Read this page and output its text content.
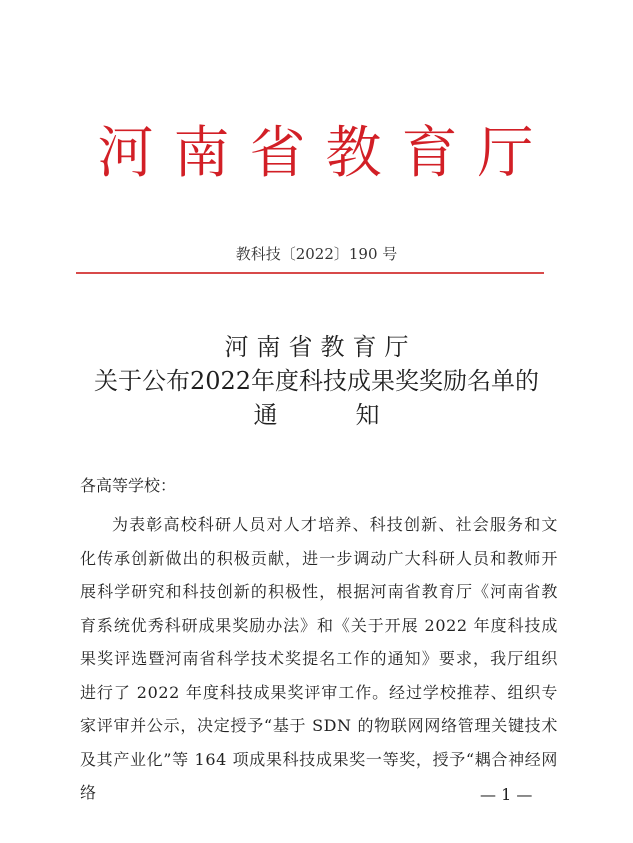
河南省教育厅
教科技〔2022〕190 号
河南省教育厅
关于公布2022年度科技成果奖奖励名单的
通	知
各高等学校：
为表彰高校科研人员对人才培养、科技创新、社会服务和文化传承创新做出的积极贡献，进一步调动广大科研人员和教师开展科学研究和科技创新的积极性，根据河南省教育厅《河南省教育系统优秀科研成果奖励办法》和《关于开展 2022 年度科技成果奖评选暨河南省科学技术奖提名工作的通知》要求，我厅组织进行了 2022 年度科技成果奖评审工作。经过学校推荐、组织专家评审并公示，决定授予“基于 SDN 的物联网网络管理关键技术及其产业化”等 164 项成果科技成果奖一等奖，授予“耦合神经网络	— 1 —
